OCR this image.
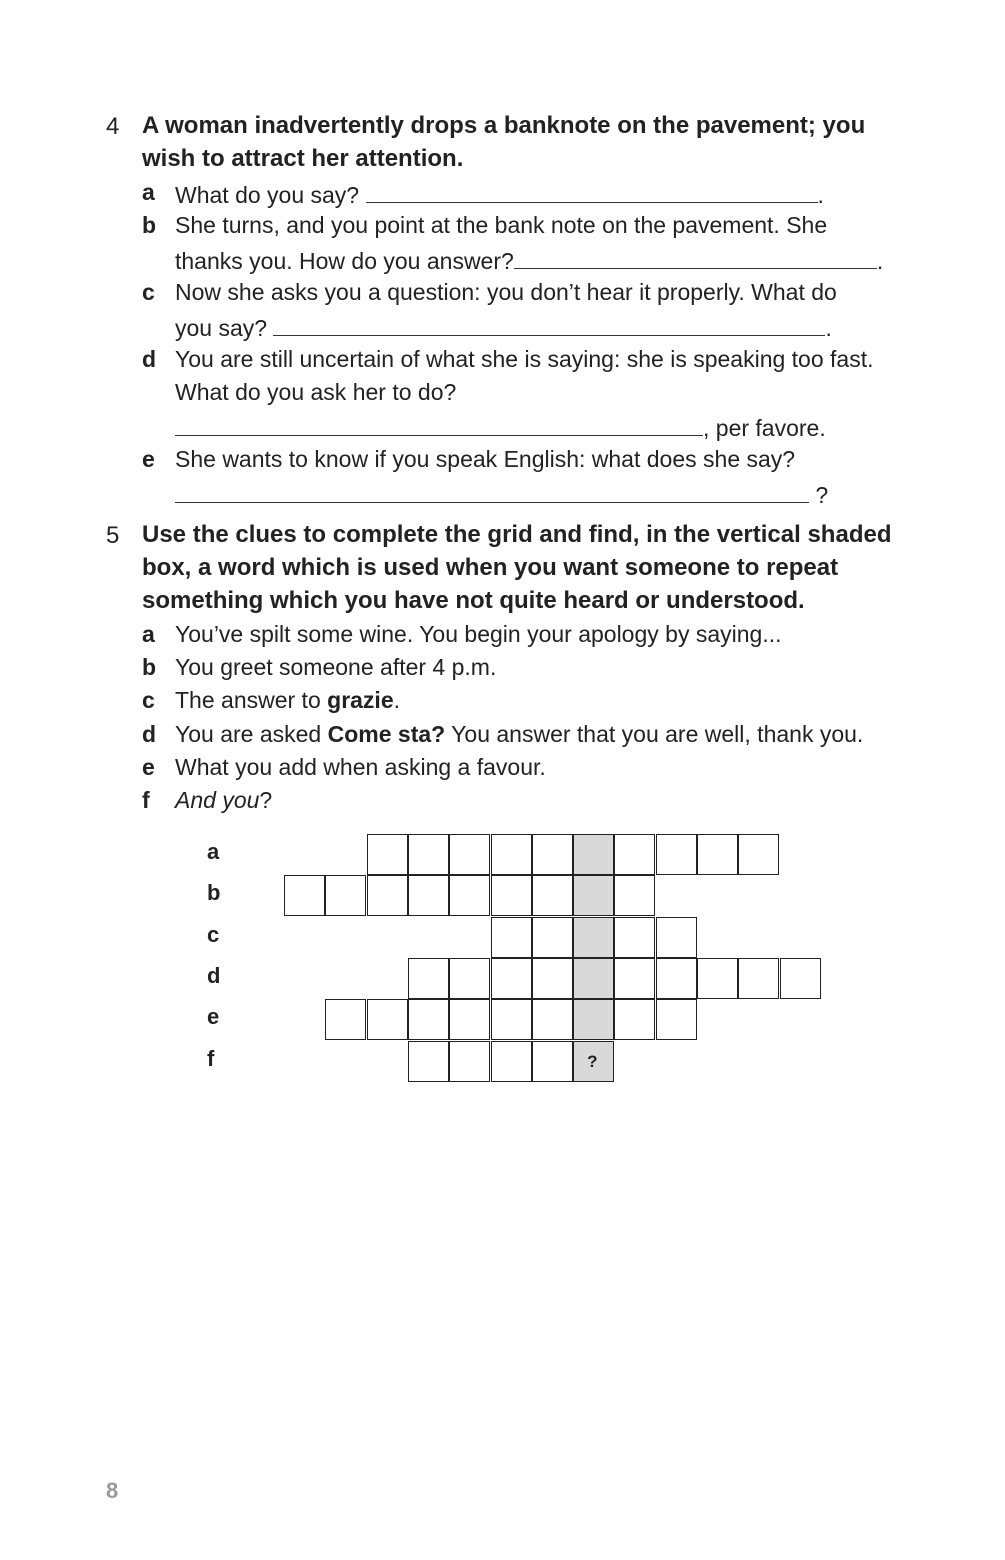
4 A woman inadvertently drops a banknote on the pavement; you wish to attract her attention.

a What do you say?	.
b She turns, and you point at the bank note on the pavement. She
thanks you. How do you answer?	.
c Now she asks you a question: you don’t hear it properly. What do
you say?	.
d You are still uncertain of what she is saying: she is speaking too fast.
What do you ask her to do?
, per favore.
e She wants to know if you speak English: what does she say?
?
5 Use the clues to complete the grid and find, in the vertical shaded box, a word which is used when you want someone to repeat something which you have not quite heard or understood.

a You’ve spilt some wine. You begin your apology by saying...
b You greet someone after 4 p.m.
c The answer to grazie.
d You are asked Come sta? You answer that you are well, thank you.
e What you add when asking a favour.
f And you?
a
b
c
d
e
f	?
8
